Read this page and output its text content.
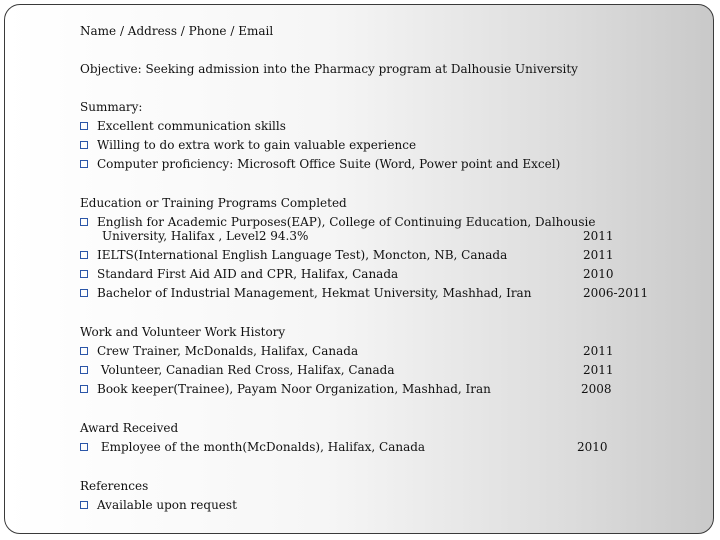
Name / Address / Phone / Email
Objective: Seeking admission into the Pharmacy program at Dalhousie University
Summary:
Excellent communication skills
Willing to do extra work to gain valuable experience
Computer proficiency: Microsoft Office Suite (Word, Power point and Excel)
Education or Training Programs Completed
English for Academic Purposes(EAP), College of Continuing Education, Dalhousie
University, Halifax , Level2 94.3%	2011
IELTS(International English Language Test), Moncton, NB, Canada	2011
Standard First Aid AID and CPR, Halifax, Canada	2010
Bachelor of Industrial Management, Hekmat University, Mashhad, Iran	2006-2011
Work and Volunteer Work History
Crew Trainer, McDonalds, Halifax, Canada	2011
Volunteer, Canadian Red Cross, Halifax, Canada	2011
Book keeper(Trainee), Payam Noor Organization, Mashhad, Iran	2008
Award Received
Employee of the month(McDonalds), Halifax, Canada	2010
References
Available upon request
